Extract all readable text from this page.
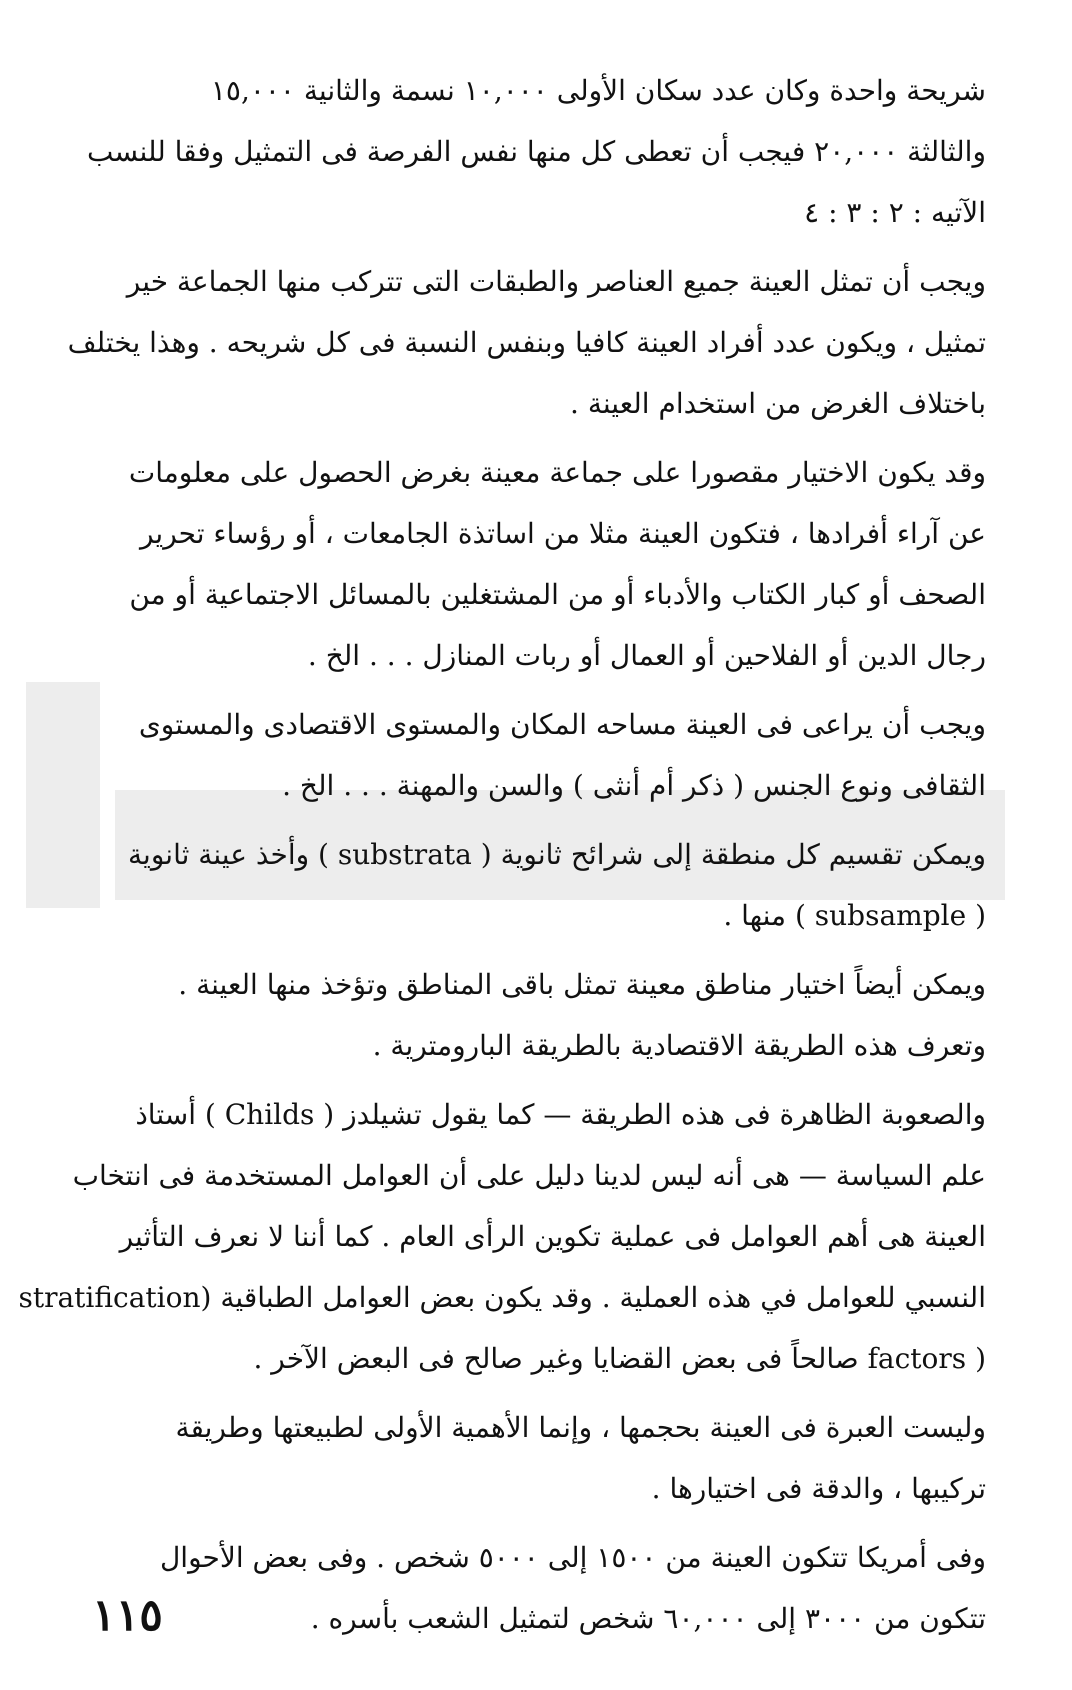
شريحة واحدة وكان عدد سكان الأولى ١٠,٠٠٠ نسمة والثانية ١٥,٠٠٠
والثالثة ٢٠,٠٠٠ فيجب أن تعطى كل منها نفس الفرصة فى التمثيل وفقا للنسب
الآتيه : ٢ : ٣ : ٤

ويجب أن تمثل العينة جميع العناصر والطبقات التى تتركب منها الجماعة خير
تمثيل ، ويكون عدد أفراد العينة كافيا وبنفس النسبة فى كل شريحه . وهذا يختلف
باختلاف الغرض من استخدام العينة .

وقد يكون الاختيار مقصورا على جماعة معينة بغرض الحصول على معلومات
عن آراء أفرادها ، فتكون العينة مثلا من اساتذة الجامعات ، أو رؤساء تحرير
الصحف أو كبار الكتاب والأدباء أو من المشتغلين بالمسائل الاجتماعية أو من
رجال الدين أو الفلاحين أو العمال أو ربات المنازل . . . الخ .

ويجب أن يراعى فى العينة مساحه المكان والمستوى الاقتصادى والمستوى
الثقافى ونوع الجنس ( ذكر أم أنثى ) والسن والمهنة . . . الخ .

ويمكن تقسيم كل منطقة إلى شرائح ثانوية ( substrata ) وأخذ عينة ثانوية
( subsample ) منها .

ويمكن أيضاً اختيار مناطق معينة تمثل باقى المناطق وتؤخذ منها العينة .
وتعرف هذه الطريقة الاقتصادية بالطريقة البارومترية .

والصعوبة الظاهرة فى هذه الطريقة — كما يقول تشيلدز ( Childs ) أستاذ
علم السياسة — هى أنه ليس لدينا دليل على أن العوامل المستخدمة فى انتخاب
العينة هى أهم العوامل فى عملية تكوين الرأى العام . كما أننا لا نعرف التأثير
النسبي للعوامل في هذه العملية . وقد يكون بعض العوامل الطباقية (stratification
( factors صالحاً فى بعض القضايا وغير صالح فى البعض الآخر .

وليست العبرة فى العينة بحجمها ، وإنما الأهمية الأولى لطبيعتها وطريقة
تركيبها ، والدقة فى اختيارها .

وفى أمريكا تتكون العينة من ١٥٠٠ إلى ٥٠٠٠ شخص . وفى بعض الأحوال
تتكون من ٣٠٠٠ إلى ٦٠,٠٠٠ شخص لتمثيل الشعب بأسره .

١١٥
